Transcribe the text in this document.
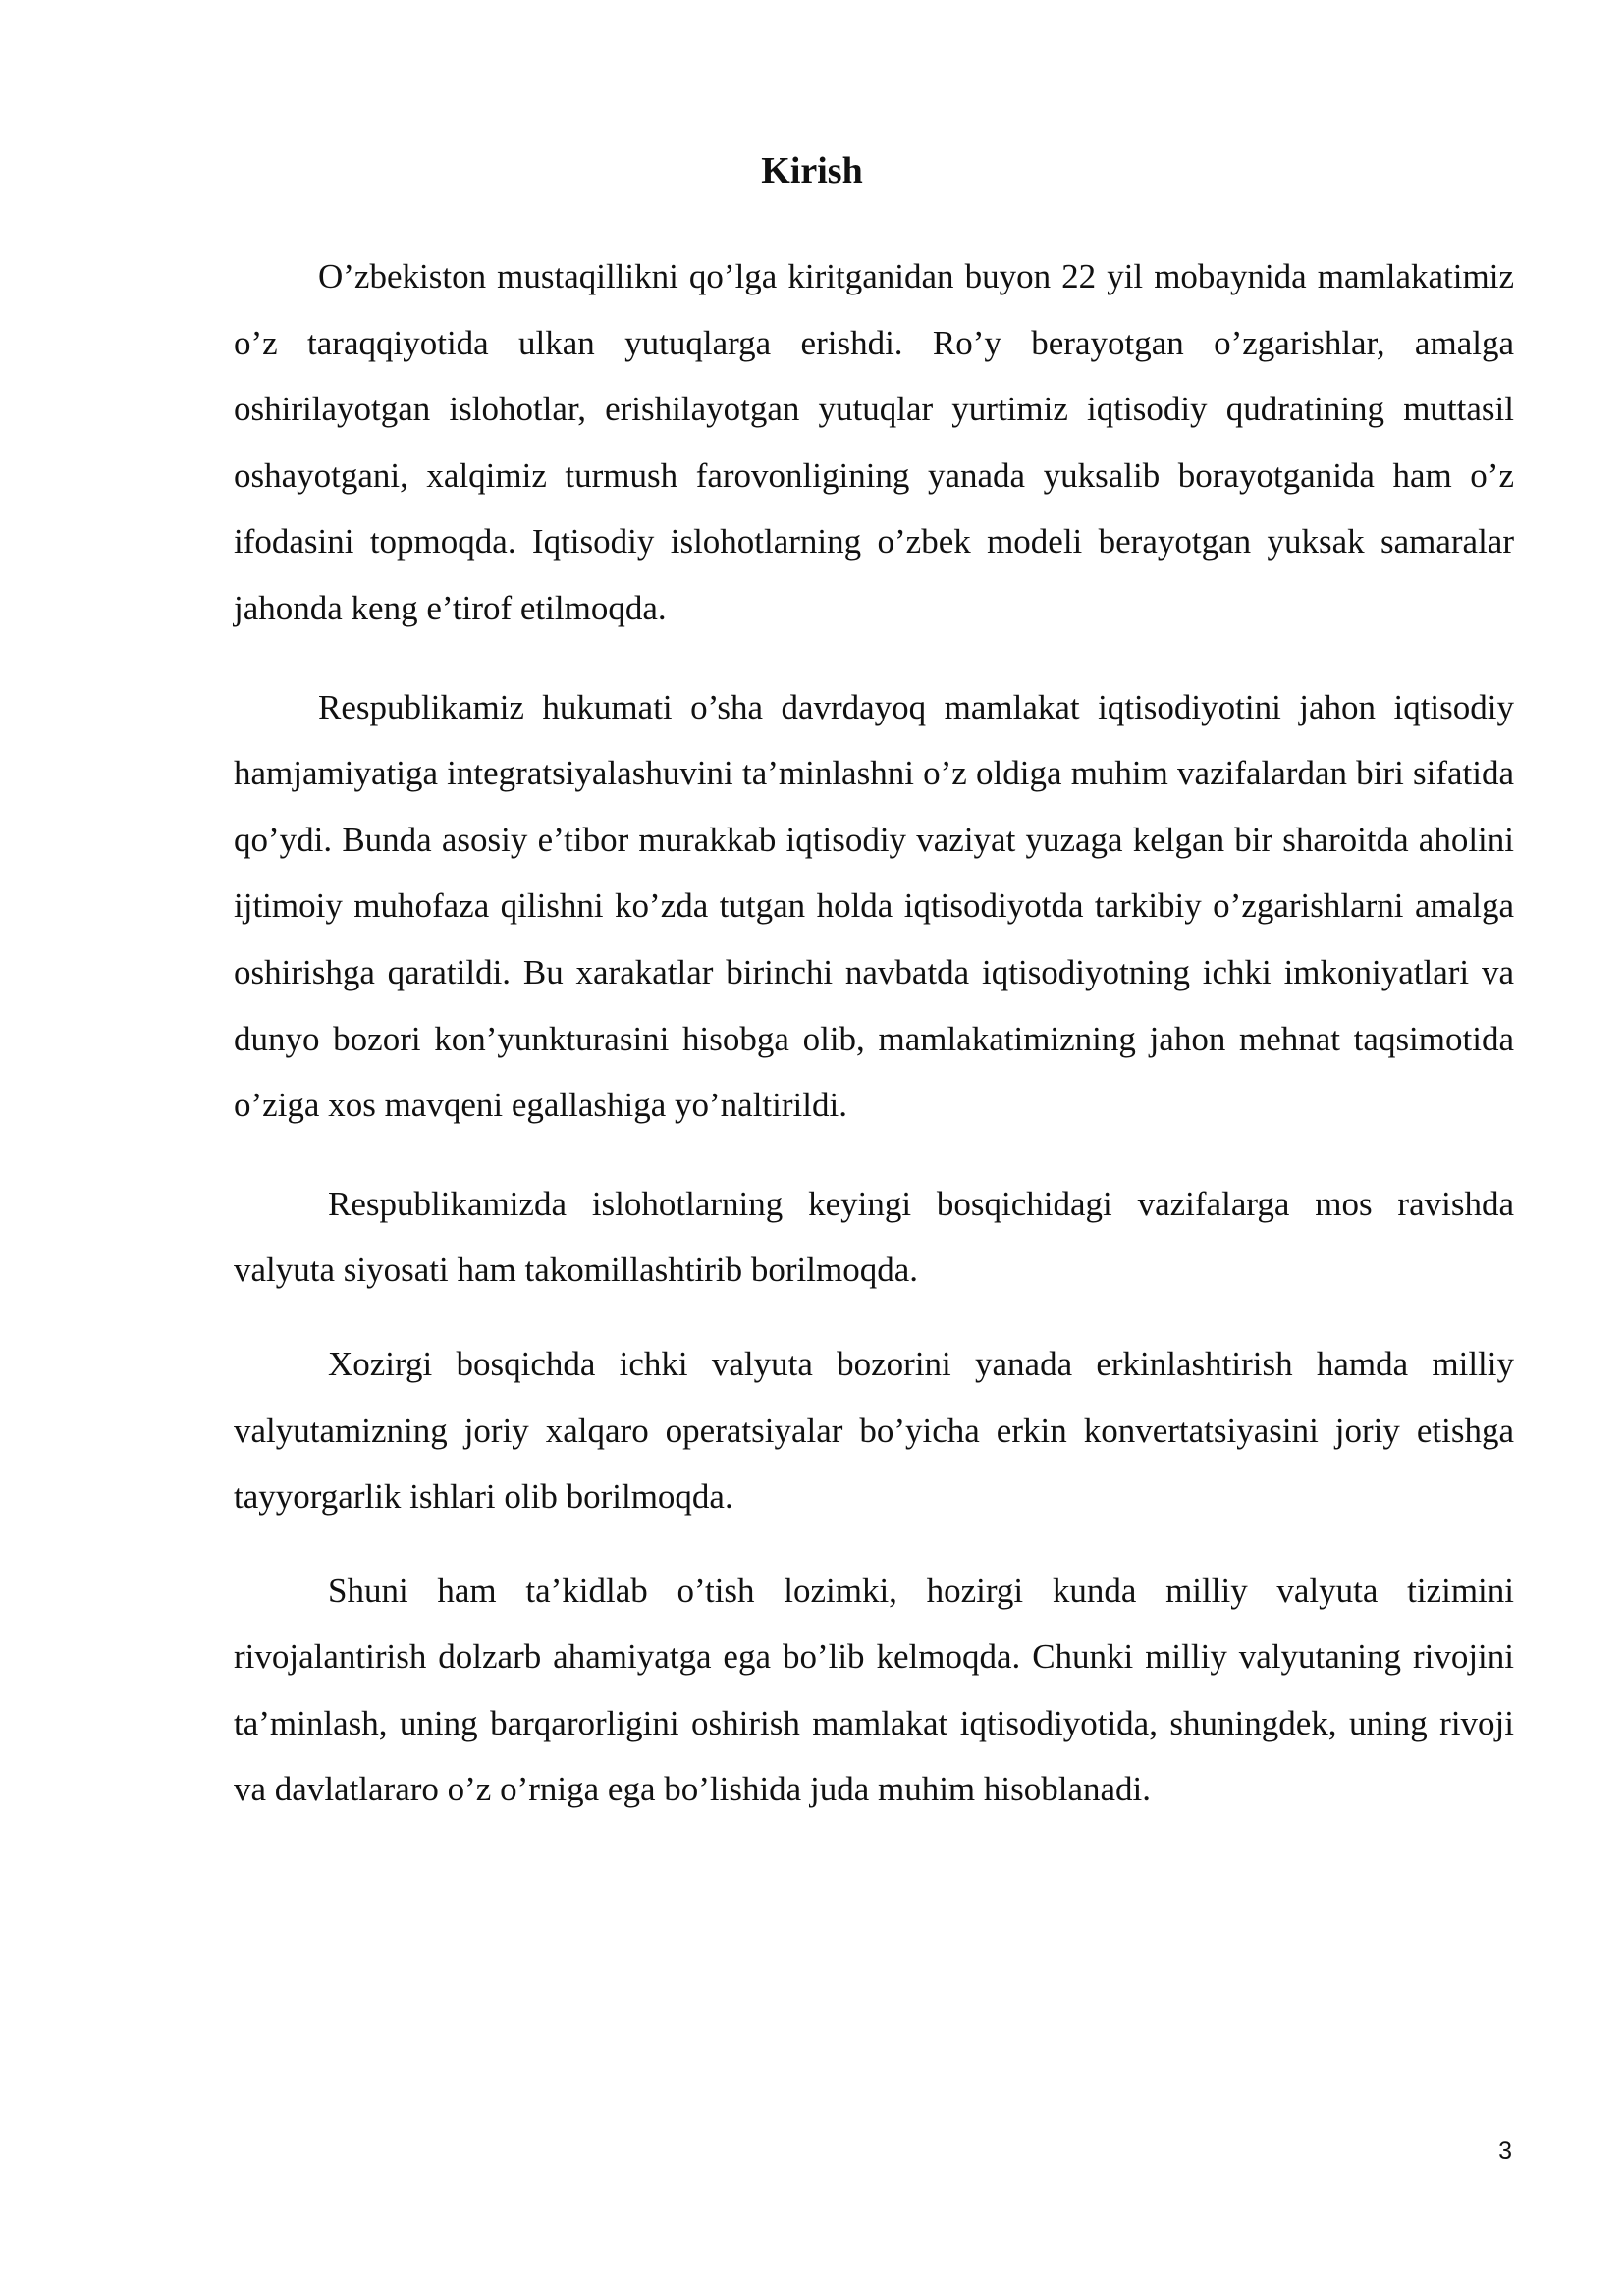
Kirish

O’zbekiston mustaqillikni qo’lga kiritganidan buyon 22 yil mobaynida mamlakatimiz o’z taraqqiyotida ulkan yutuqlarga erishdi. Ro’y berayotgan o’zgarishlar, amalga oshirilayotgan islohotlar, erishilayotgan yutuqlar yurtimiz iqtisodiy qudratining muttasil oshayotgani, xalqimiz turmush farovonligining yanada yuksalib borayotganida ham o’z ifodasini topmoqda. Iqtisodiy islohotlarning o’zbek modeli berayotgan yuksak samaralar jahonda keng e’tirof etilmoqda.

Respublikamiz hukumati o’sha davrdayoq mamlakat iqtisodiyotini jahon iqtisodiy hamjamiyatiga integratsiyalashuvini ta’minlashni o’z oldiga muhim vazifalardan biri sifatida qo’ydi. Bunda asosiy e’tibor murakkab iqtisodiy vaziyat yuzaga kelgan bir sharoitda aholini ijtimoiy muhofaza qilishni ko’zda tutgan holda iqtisodiyotda tarkibiy o’zgarishlarni amalga oshirishga qaratildi. Bu xarakatlar birinchi navbatda iqtisodiyotning ichki imkoniyatlari va dunyo bozori kon’yunkturasini hisobga olib, mamlakatimizning jahon mehnat taqsimotida o’ziga xos mavqeni egallashiga yo’naltirildi.

Respublikamizda islohotlarning keyingi bosqichidagi vazifalarga mos ravishda valyuta siyosati ham takomillashtirib borilmoqda.

Xozirgi bosqichda ichki valyuta bozorini yanada erkinlashtirish hamda milliy valyutamizning joriy xalqaro operatsiyalar bo’yicha erkin konvertatsiyasini joriy etishga tayyorgarlik ishlari olib borilmoqda.

Shuni ham ta’kidlab o’tish lozimki, hozirgi kunda milliy valyuta tizimini rivojalantirish dolzarb ahamiyatga ega bo’lib kelmoqda. Chunki milliy valyutaning rivojini ta’minlash, uning barqarorligini oshirish mamlakat iqtisodiyotida, shuningdek, uning rivoji va davlatlararo o’z o’rniga ega bo’lishida juda muhim hisoblanadi.

3
